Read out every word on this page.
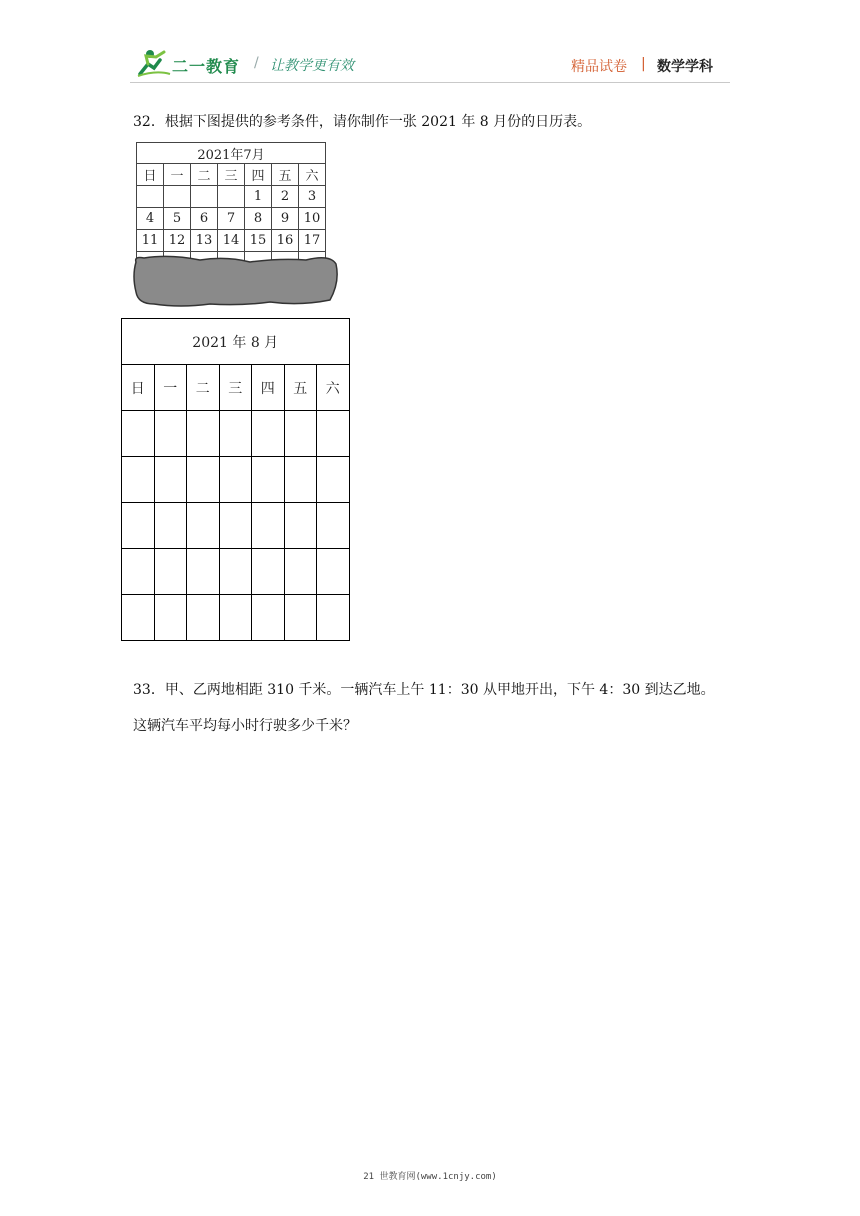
二一教育 / 让教学更有效	精品试卷 | 数学学科
32．根据下图提供的参考条件，请你制作一张 2021 年 8 月份的日历表。
2021年7月						
日	一	二	三	四	五	六
				1	2	3
4	5	6	7	8	9	10
11	12	13	14	15	16	17

2021 年 8 月						
日	一	二	三	四	五	六

33．甲、乙两地相距 310 千米。一辆汽车上午 11：30 从甲地开出，下午 4：30 到达乙地。
这辆汽车平均每小时行驶多少千米？
21 世教育网(www.1cnjy.com)
